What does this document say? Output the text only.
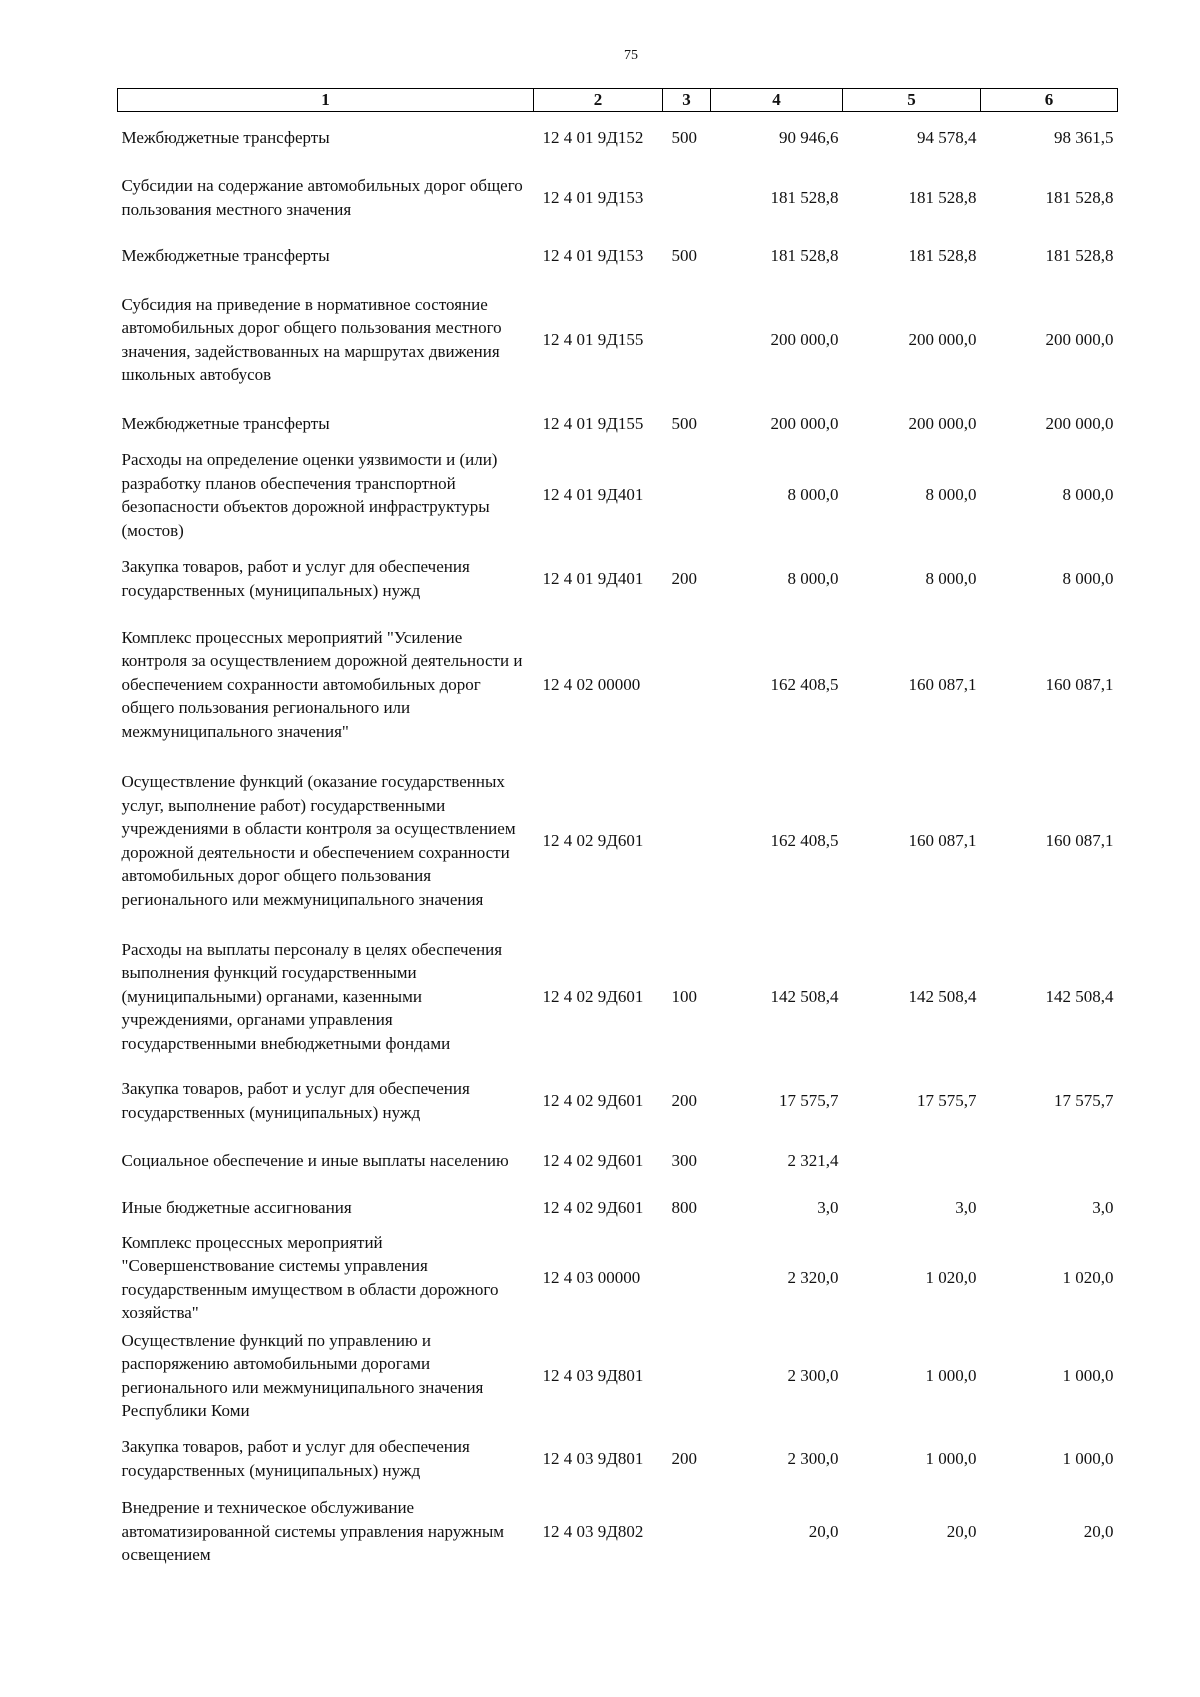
75
1	2	3	4	5	6
Межбюджетные трансферты	12 4 01 9Д152	500	90 946,6	94 578,4	98 361,5
Субсидии на содержание автомобильных дорог общего пользования местного значения	12 4 01 9Д153		181 528,8	181 528,8	181 528,8
Межбюджетные трансферты	12 4 01 9Д153	500	181 528,8	181 528,8	181 528,8
Субсидия на приведение в нормативное состояние автомобильных дорог общего пользования местного значения, задействованных на маршрутах движения школьных автобусов	12 4 01 9Д155		200 000,0	200 000,0	200 000,0
Межбюджетные трансферты	12 4 01 9Д155	500	200 000,0	200 000,0	200 000,0
Расходы на определение оценки уязвимости и (или) разработку планов обеспечения транспортной безопасности объектов дорожной инфраструктуры (мостов)	12 4 01 9Д401		8 000,0	8 000,0	8 000,0
Закупка товаров, работ и услуг для обеспечения государственных (муниципальных) нужд	12 4 01 9Д401	200	8 000,0	8 000,0	8 000,0
Комплекс процессных мероприятий "Усиление контроля за осуществлением дорожной деятельности и обеспечением сохранности автомобильных дорог общего пользования регионального или межмуниципального значения"	12 4 02 00000		162 408,5	160 087,1	160 087,1
Осуществление функций (оказание государственных услуг, выполнение работ) государственными учреждениями в области контроля за осуществлением дорожной деятельности и обеспечением сохранности автомобильных дорог общего пользования регионального или межмуниципального значения	12 4 02 9Д601		162 408,5	160 087,1	160 087,1
Расходы на выплаты персоналу в целях обеспечения выполнения функций государственными (муниципальными) органами, казенными учреждениями, органами управления государственными внебюджетными фондами	12 4 02 9Д601	100	142 508,4	142 508,4	142 508,4
Закупка товаров, работ и услуг для обеспечения государственных (муниципальных) нужд	12 4 02 9Д601	200	17 575,7	17 575,7	17 575,7
Социальное обеспечение и иные выплаты населению	12 4 02 9Д601	300	2 321,4		
Иные бюджетные ассигнования	12 4 02 9Д601	800	3,0	3,0	3,0
Комплекс процессных мероприятий "Совершенствование системы управления государственным имуществом в области дорожного хозяйства"	12 4 03 00000		2 320,0	1 020,0	1 020,0
Осуществление функций по управлению и распоряжению автомобильными дорогами регионального или межмуниципального значения Республики Коми	12 4 03 9Д801		2 300,0	1 000,0	1 000,0
Закупка товаров, работ и услуг для обеспечения государственных (муниципальных) нужд	12 4 03 9Д801	200	2 300,0	1 000,0	1 000,0
Внедрение и техническое обслуживание автоматизированной системы управления наружным освещением	12 4 03 9Д802		20,0	20,0	20,0
